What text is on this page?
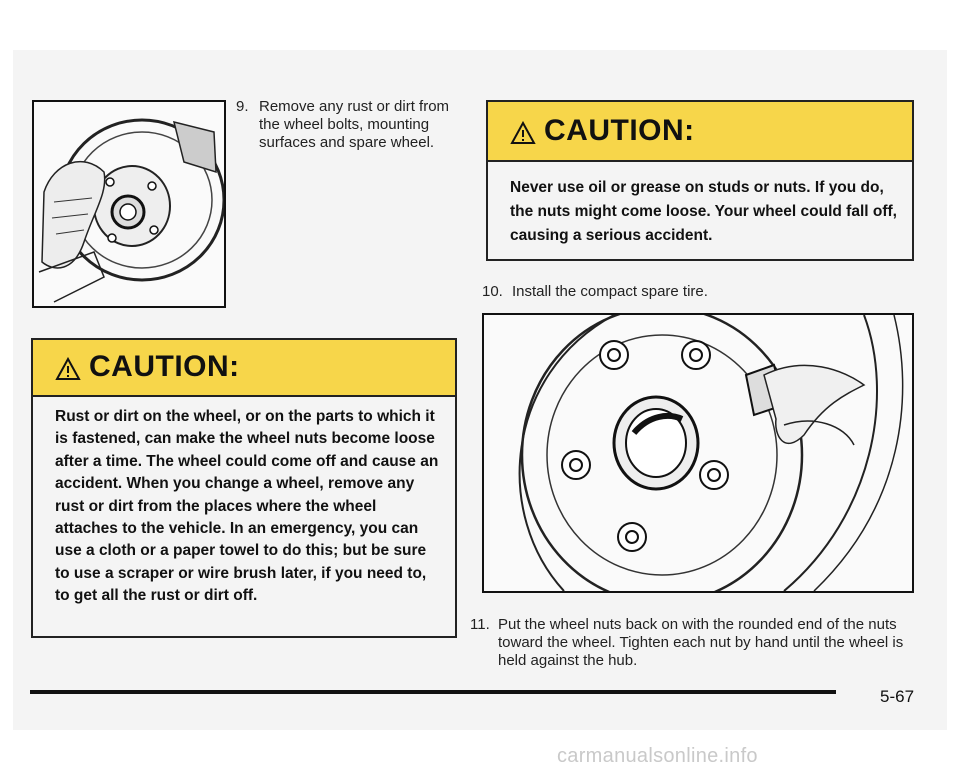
9. Remove any rust or dirt from the wheel bolts, mounting surfaces and spare wheel.	CAUTION:
Never use oil or grease on studs or nuts. If you do, the nuts might come loose. Your wheel could fall off, causing a serious accident.
10. Install the compact spare tire.
CAUTION:
Rust or dirt on the wheel, or on the parts to which it is fastened, can make the wheel nuts become loose after a time. The wheel could come off and cause an accident. When you change a wheel, remove any rust or dirt from the places where the wheel attaches to the vehicle. In an emergency, you can use a cloth or a paper towel to do this; but be sure to use a scraper or wire brush later, if you need to, to get all the rust or dirt off.
11. Put the wheel nuts back on with the rounded end of the nuts toward the wheel. Tighten each nut by hand until the wheel is held against the hub.
5-67
carmanualsonline.info
